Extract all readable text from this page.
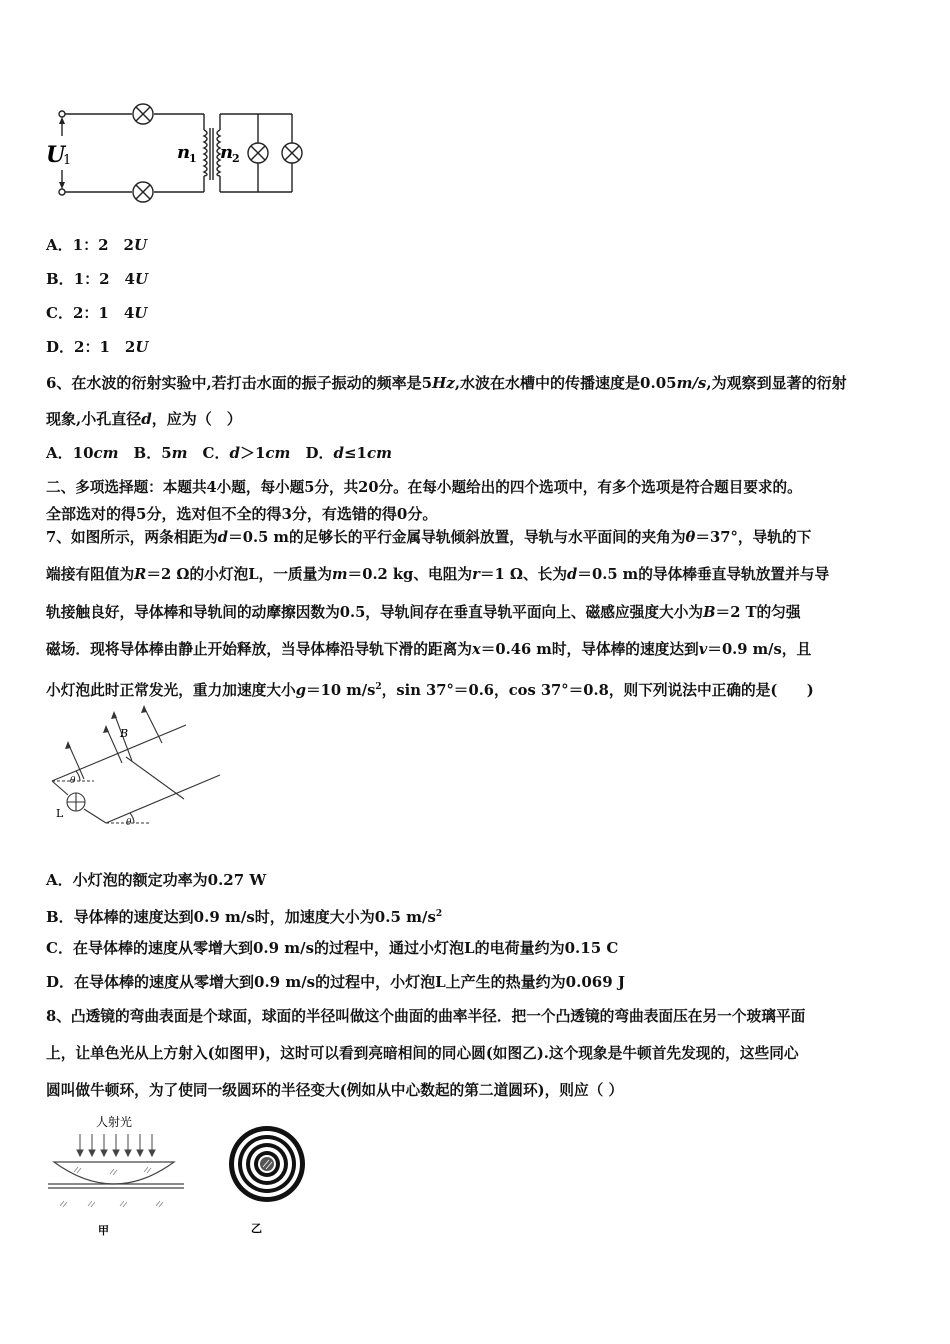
U
1	n
1 n
2
A．1：2　2U
B．1：2　4U
C．2：1　4U
D．2：1　2U
6、在水波的衍射实验中,若打击水面的振子振动的频率是5Hz,水波在水槽中的传播速度是0.05m/s,为观察到显著的衍射
现象,小孔直径d，应为（　）
A．10cm　B．5m　C．d＞1cm　D．d≤1cm
二、多项选择题：本题共4小题，每小题5分，共20分。在每小题给出的四个选项中，有多个选项是符合题目要求的。
全部选对的得5分，选对但不全的得3分，有选错的得0分。
7、如图所示，两条相距为d＝0.5 m的足够长的平行金属导轨倾斜放置，导轨与水平面间的夹角为θ＝37°，导轨的下
端接有阻值为R＝2 Ω的小灯泡L，一质量为m＝0.2 kg、电阻为r＝1 Ω、长为d＝0.5 m的导体棒垂直导轨放置并与导
轨接触良好，导体棒和导轨间的动摩擦因数为0.5，导轨间存在垂直导轨平面向上、磁感应强度大小为B＝2 T的匀强
磁场．现将导体棒由静止开始释放，当导体棒沿导轨下滑的距离为x＝0.46 m时，导体棒的速度达到v＝0.9 m/s，且
小灯泡此时正常发光，重力加速度大小g＝10 $m/s^2$，sin 37°＝0.6，cos 37°＝0.8，则下列说法中正确的是(　　)
B
θ
θ
L
A．小灯泡的额定功率为0.27 W
B．导体棒的速度达到0.9 m/s时，加速度大小为0.5 $m/s^2$
C．在导体棒的速度从零增大到0.9 m/s的过程中，通过小灯泡L的电荷量约为0.15 C
D．在导体棒的速度从零增大到0.9 m/s的过程中，小灯泡L上产生的热量约为0.069 J
8、凸透镜的弯曲表面是个球面，球面的半径叫做这个曲面的曲率半径．把一个凸透镜的弯曲表面压在另一个玻璃平面
上，让单色光从上方射入(如图甲)，这时可以看到亮暗相间的同心圆(如图乙).这个现象是牛顿首先发现的，这些同心
圆叫做牛顿环，为了使同一级圆环的半径变大(例如从中心数起的第二道圆环)，则应（ ）
人射光
甲	乙
